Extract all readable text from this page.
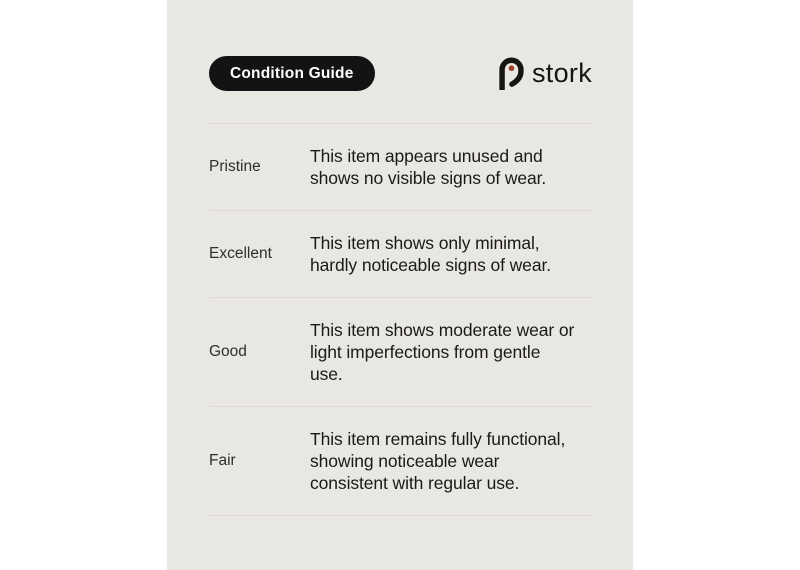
Condition Guide	stork
Pristine
This item appears unused and
shows no visible signs of wear.
Excellent
This item shows only minimal,
hardly noticeable signs of wear.
Good
This item shows moderate wear or
light imperfections from gentle
use.
Fair
This item remains fully functional,
showing noticeable wear
consistent with regular use.
